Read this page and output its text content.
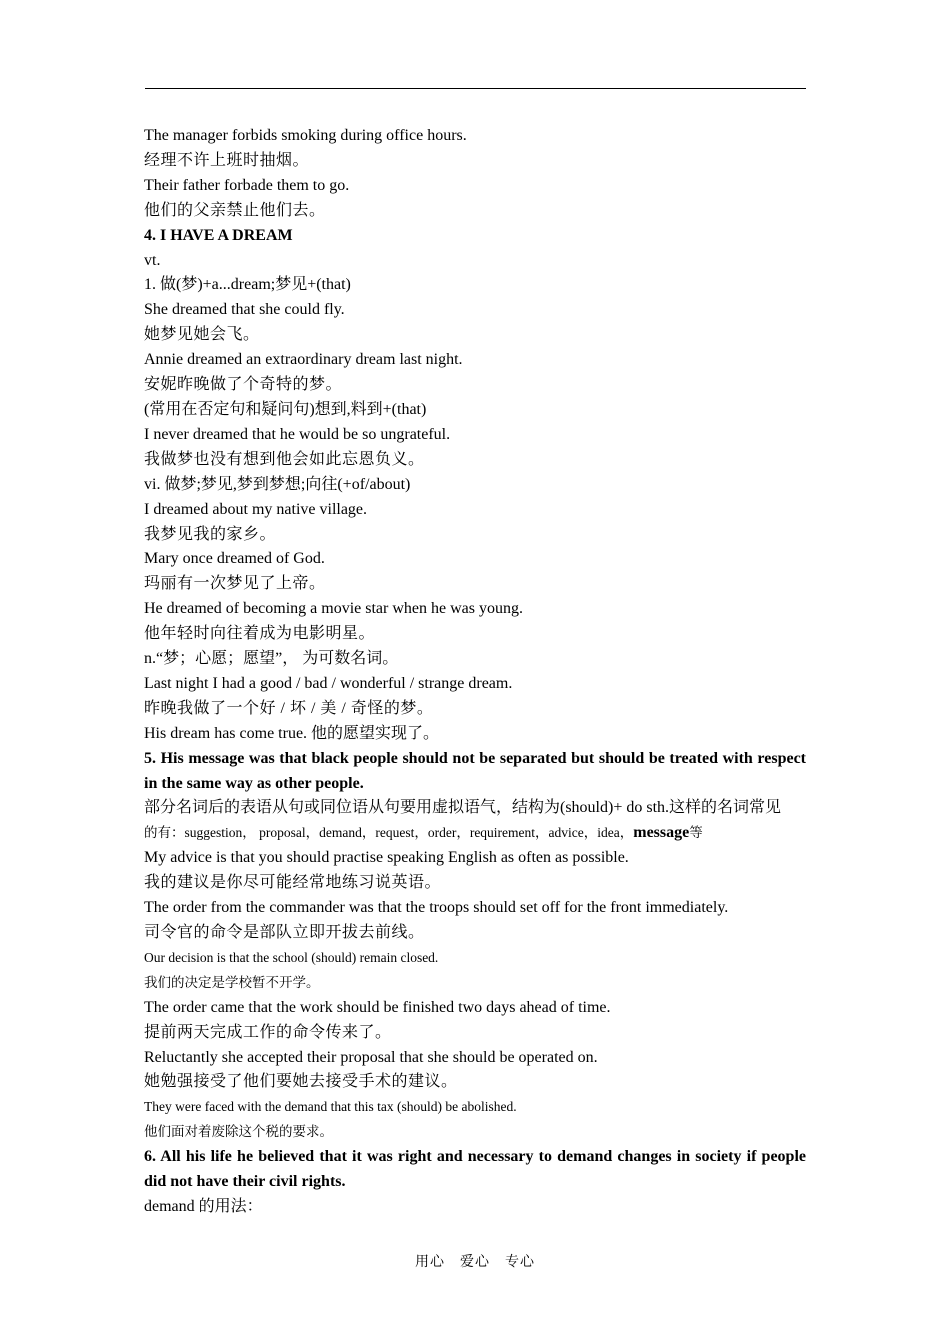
The manager forbids smoking during office hours.
经理不许上班时抽烟。
Their father forbade them to go.
他们的父亲禁止他们去。
4. I HAVE A DREAM
vt.
1. 做(梦)+a...dream;梦见+(that)
She dreamed that she could fly.
她梦见她会飞。
Annie dreamed an extraordinary dream last night.
安妮昨晚做了个奇特的梦。
(常用在否定句和疑问句)想到,料到+(that)
I never dreamed that he would be so ungrateful.
我做梦也没有想到他会如此忘恩负义。
vi. 做梦;梦见,梦到梦想;向往(+of/about)
I dreamed about my native village.
我梦见我的家乡。
Mary once dreamed of God.
玛丽有一次梦见了上帝。
He dreamed of becoming a movie star when he was young.
他年轻时向往着成为电影明星。
n.“梦；心愿；愿望”， 为可数名词。
Last night I had a good / bad / wonderful / strange dream.
昨晚我做了一个好 / 坏 / 美 / 奇怪的梦。
His dream has come true. 他的愿望实现了。
5. His message was that black people should not be separated but should be treated with respect in the same way as other people.
部分名词后的表语从句或同位语从句要用虚拟语气，结构为(should)+ do sth.这样的名词常见
的有：suggestion， proposal，demand，request，order，requirement，advice，idea，message等
My advice is that you should practise speaking English as often as possible.
我的建议是你尽可能经常地练习说英语。
The order from the commander was that the troops should set off for the front immediately.
司令官的命令是部队立即开拔去前线。
Our decision is that the school (should) remain closed.
我们的决定是学校暂不开学。
The order came that the work should be finished two days ahead of time.
提前两天完成工作的命令传来了。
Reluctantly she accepted their proposal that she should be operated on.
她勉强接受了他们要她去接受手术的建议。
They were faced with the demand that this tax (should) be abolished.
他们面对着废除这个税的要求。
6. All his life he believed that it was right and necessary to demand changes in society if people did not have their civil rights.
demand 的用法：
用心　爱心　专心
